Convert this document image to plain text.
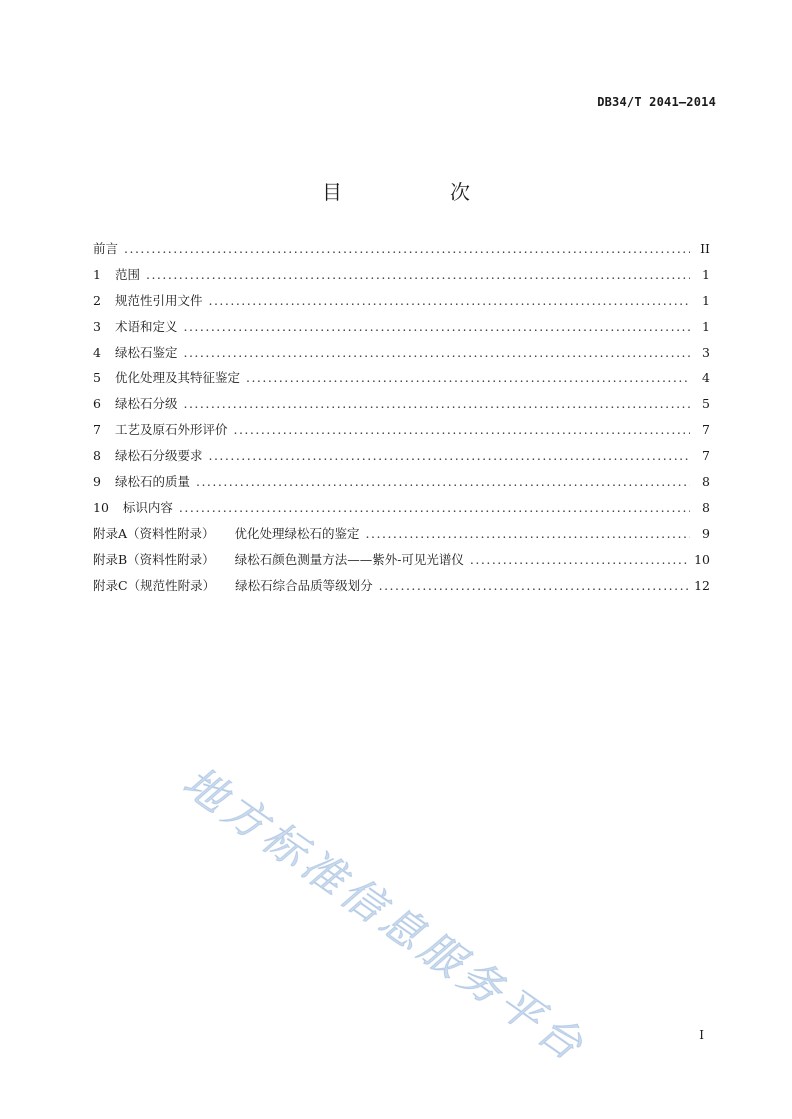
DB34/T 2041—2014
目　次
前言 .....	II
1 范围 .....	1
2 规范性引用文件 .....	1
3 术语和定义 .....	1
4 绿松石鉴定 .....	3
5 优化处理及其特征鉴定 .....	4
6 绿松石分级 .....	5
7 工艺及原石外形评价 .....	7
8 绿松石分级要求 .....	7
9 绿松石的质量 .....	8
10 标识内容 .....	8
附录A（资料性附录） 优化处理绿松石的鉴定 .....	9
附录B（资料性附录） 绿松石颜色测量方法——紫外-可见光谱仪 .....	10
附录C（规范性附录） 绿松石综合品质等级划分 .....	12
地方标准信息服务平台	I
